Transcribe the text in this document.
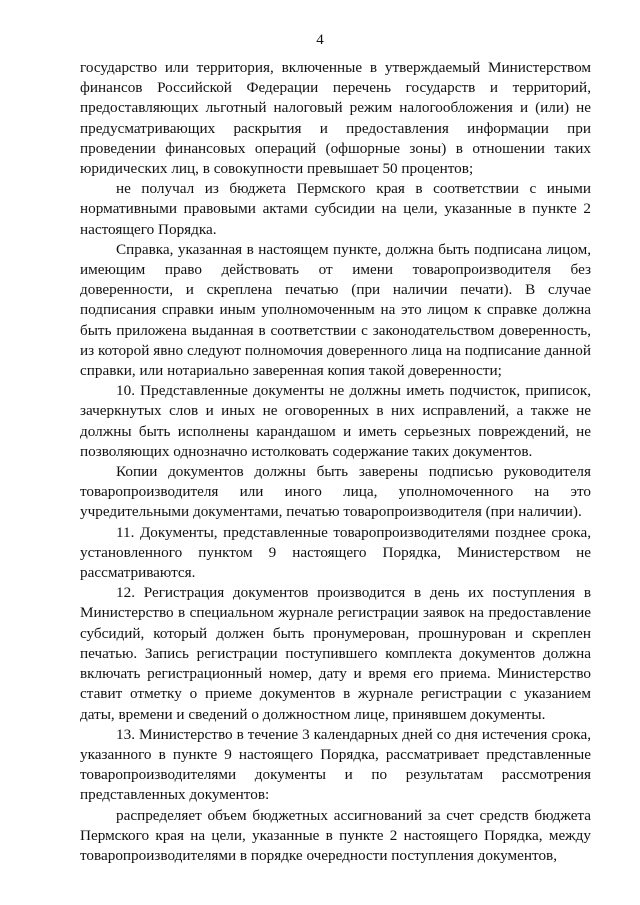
4

государство или территория, включенные в утверждаемый Министерством финансов Российской Федерации перечень государств и территорий, предоставляющих льготный налоговый режим налогообложения и (или) не предусматривающих раскрытия и предоставления информации при проведении финансовых операций (офшорные зоны) в отношении таких юридических лиц, в совокупности превышает 50 процентов;

не получал из бюджета Пермского края в соответствии с иными нормативными правовыми актами субсидии на цели, указанные в пункте 2 настоящего Порядка.

Справка, указанная в настоящем пункте, должна быть подписана лицом, имеющим право действовать от имени товаропроизводителя без доверенности, и скреплена печатью (при наличии печати). В случае подписания справки иным уполномоченным на это лицом к справке должна быть приложена выданная в соответствии с законодательством доверенность, из которой явно следуют полномочия доверенного лица на подписание данной справки, или нотариально заверенная копия такой доверенности;

10. Представленные документы не должны иметь подчисток, приписок, зачеркнутых слов и иных не оговоренных в них исправлений, а также не должны быть исполнены карандашом и иметь серьезных повреждений, не позволяющих однозначно истолковать содержание таких документов.

Копии документов должны быть заверены подписью руководителя товаропроизводителя или иного лица, уполномоченного на это учредительными документами, печатью товаропроизводителя (при наличии).

11. Документы, представленные товаропроизводителями позднее срока, установленного пунктом 9 настоящего Порядка, Министерством не рассматриваются.

12. Регистрация документов производится в день их поступления в Министерство в специальном журнале регистрации заявок на предоставление субсидий, который должен быть пронумерован, прошнурован и скреплен печатью. Запись регистрации поступившего комплекта документов должна включать регистрационный номер, дату и время его приема. Министерство ставит отметку о приеме документов в журнале регистрации с указанием даты, времени и сведений о должностном лице, принявшем документы.

13. Министерство в течение 3 календарных дней со дня истечения срока, указанного в пункте 9 настоящего Порядка, рассматривает представленные товаропроизводителями документы и по результатам рассмотрения представленных документов:

распределяет объем бюджетных ассигнований за счет средств бюджета Пермского края на цели, указанные в пункте 2 настоящего Порядка, между товаропроизводителями в порядке очередности поступления документов,
